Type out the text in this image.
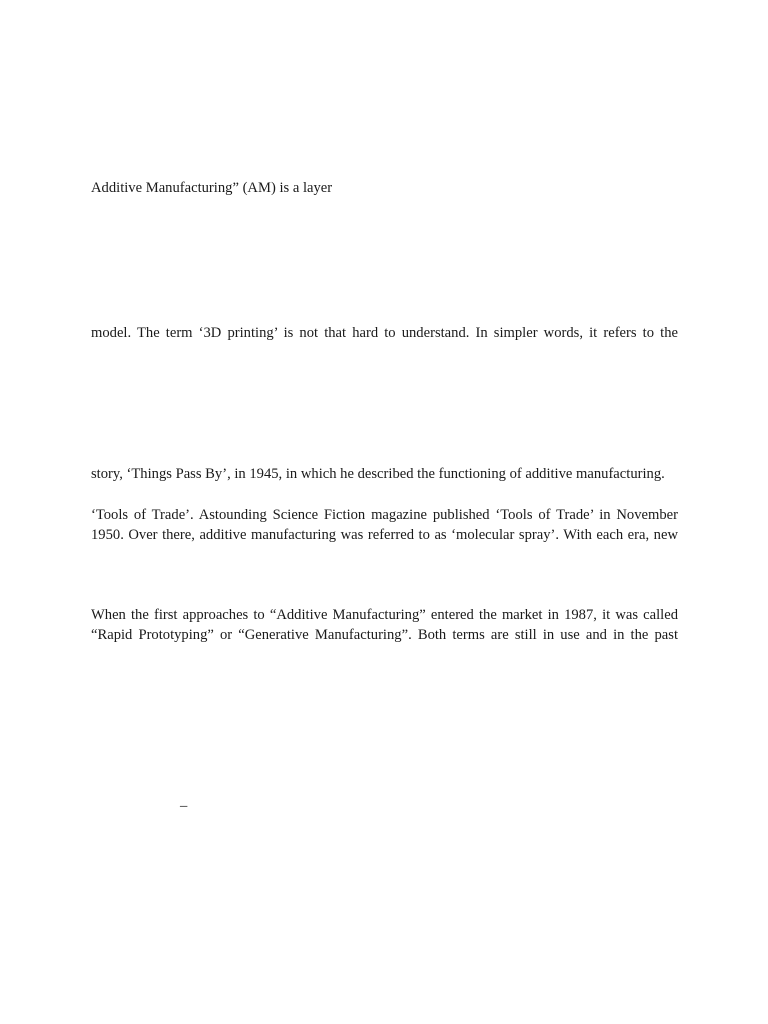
Additive Manufacturing” (AM) is a layer

model. The term ‘3D printing’ is not that hard to understand. In simpler words, it refers to the

story, ‘Things Pass By’, in 1945, in which he described the functioning of additive manufacturing.

‘Tools of Trade’. Astounding Science Fiction magazine published ‘Tools of Trade’ in November

1950. Over there, additive manufacturing was referred to as ‘molecular spray’. With each era, new

When the first approaches to “Additive Manufacturing” entered the market in 1987, it was called

“Rapid Prototyping” or “Generative Manufacturing”. Both terms are still in use and in the past

–
